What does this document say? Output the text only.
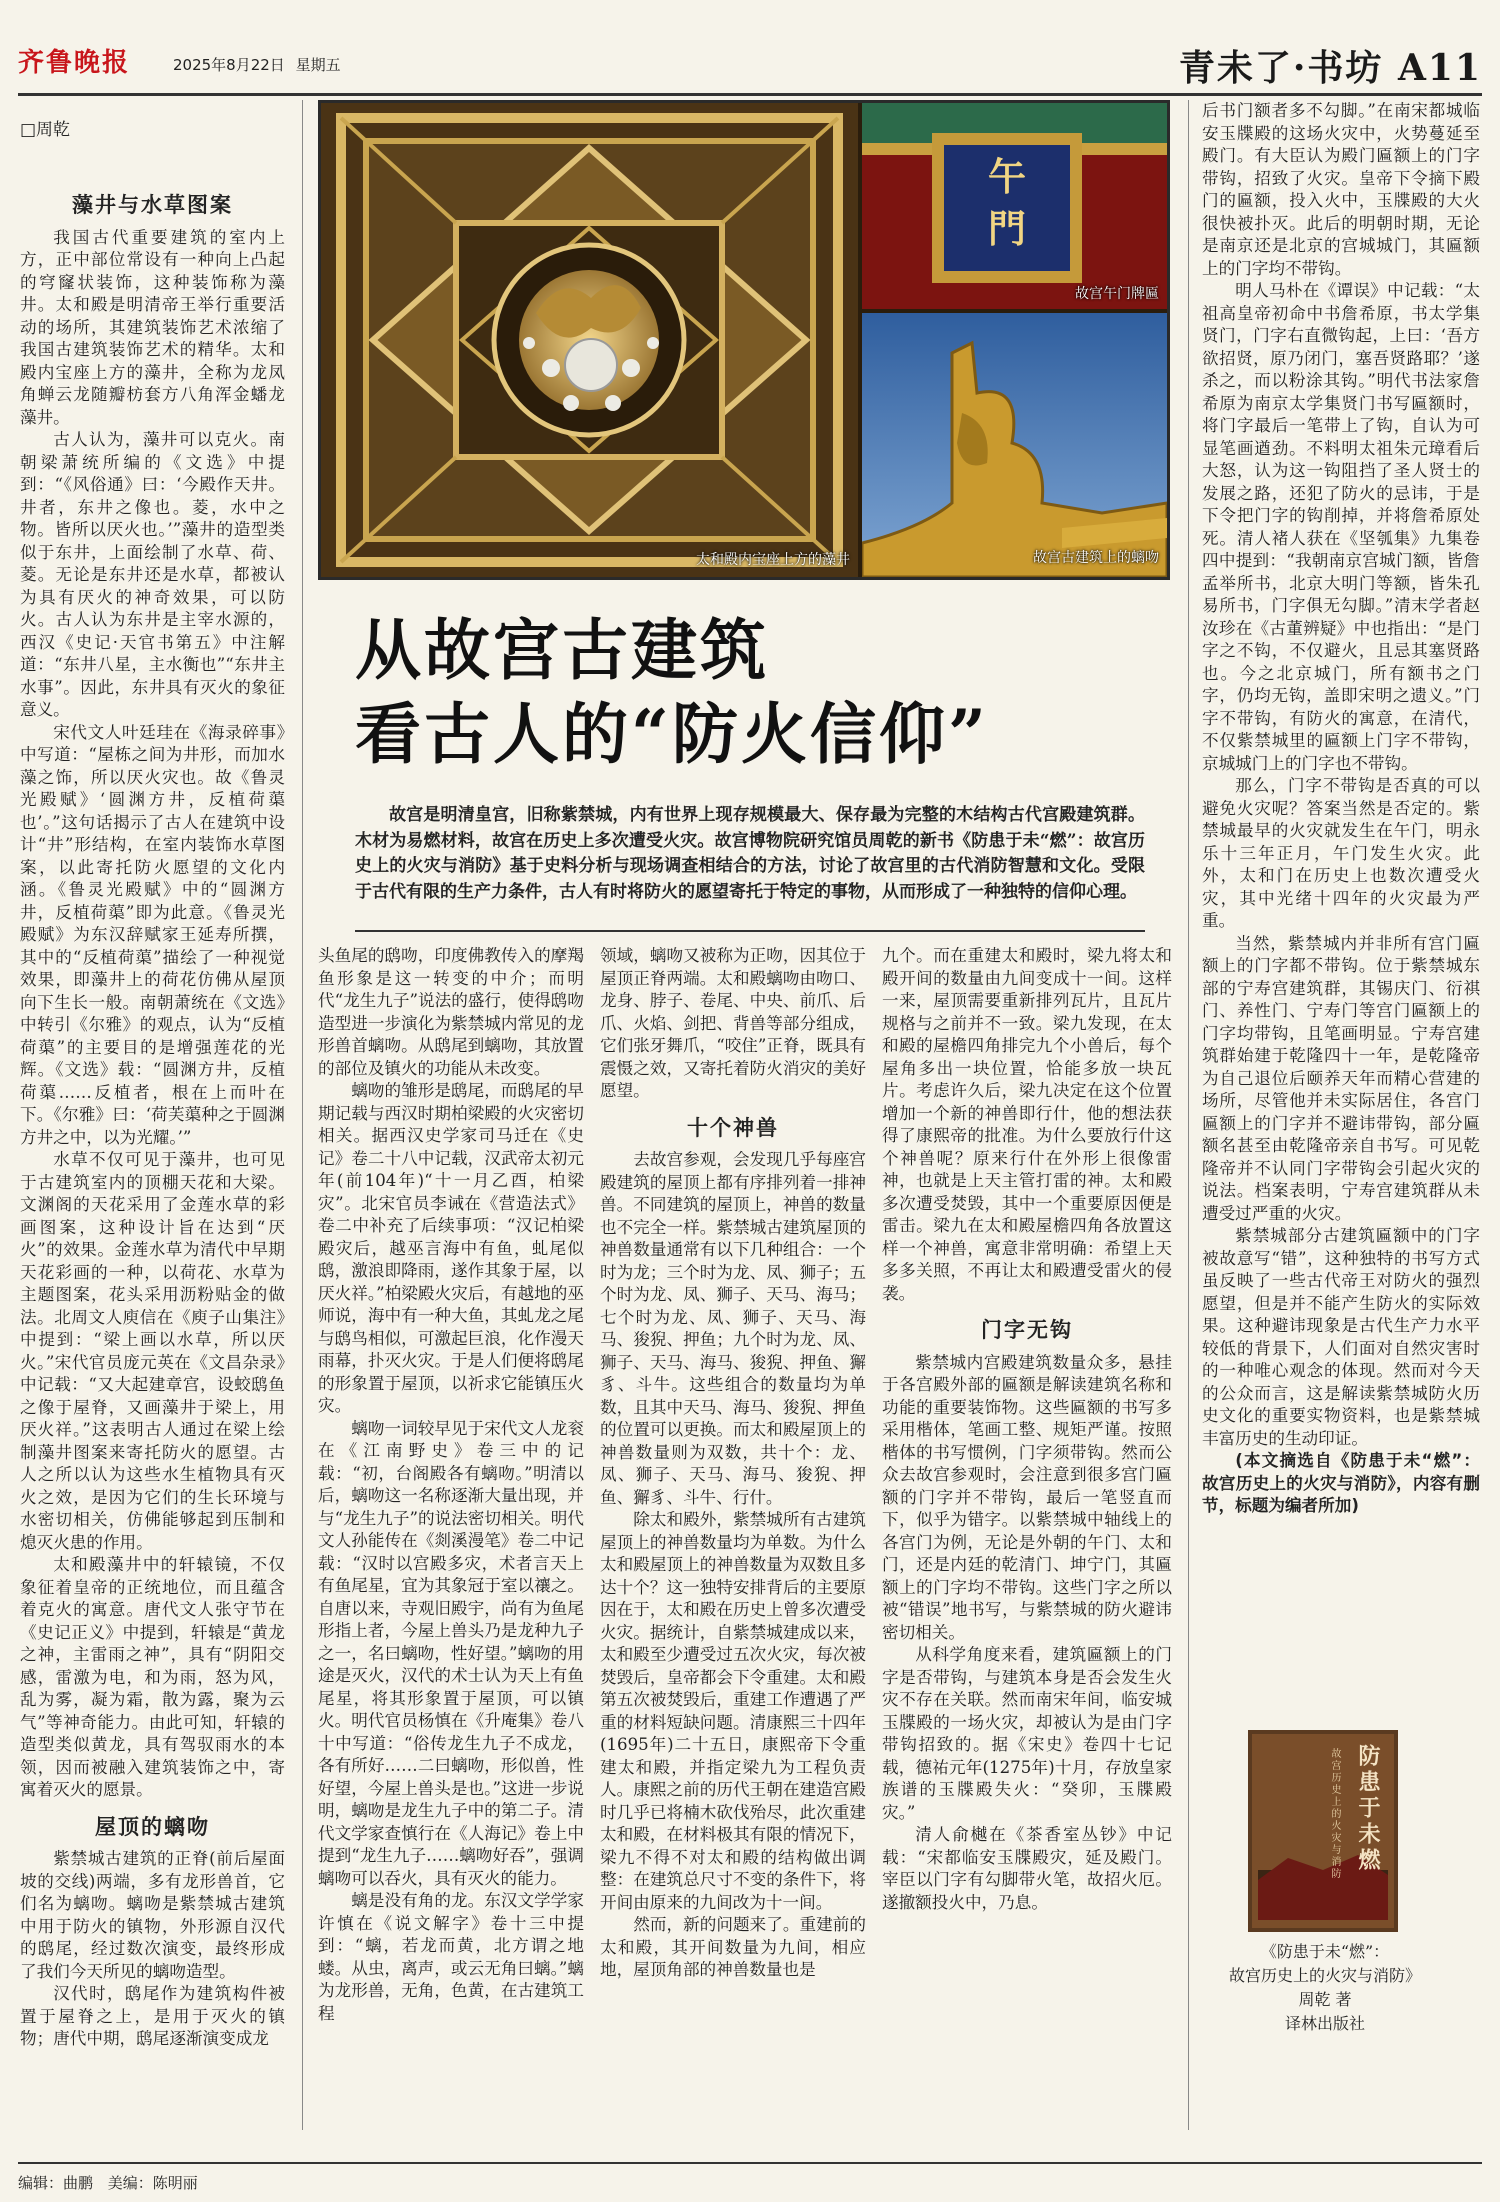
齐鲁晚报	2025年8月22日 星期五	青未了·书坊 A11
□周乾
藻井与水草图案

我国古代重要建筑的室内上方，正中部位常设有一种向上凸起的穹窿状装饰，这种装饰称为藻井。太和殿是明清帝王举行重要活动的场所，其建筑装饰艺术浓缩了我国古建筑装饰艺术的精华。太和殿内宝座上方的藻井，全称为龙凤角蝉云龙随瓣枋套方八角浑金蟠龙藻井。

古人认为，藻井可以克火。南朝梁萧统所编的《文选》中提到：“《风俗通》曰：‘今殿作天井。井者，东井之像也。菱，水中之物。皆所以厌火也。’”藻井的造型类似于东井，上面绘制了水草、荷、菱。无论是东井还是水草，都被认为具有厌火的神奇效果，可以防火。古人认为东井是主宰水源的，西汉《史记·天官书第五》中注解道：“东井八星，主水衡也”“东井主水事”。因此，东井具有灭火的象征意义。

宋代文人叶廷珪在《海录碎事》中写道：“屋栋之间为井形，而加水藻之饰，所以厌火灾也。故《鲁灵光殿赋》‘圆渊方井，反植荷蕖也’。”这句话揭示了古人在建筑中设计“井”形结构，在室内装饰水草图案，以此寄托防火愿望的文化内涵。《鲁灵光殿赋》中的“圆渊方井，反植荷蕖”即为此意。《鲁灵光殿赋》为东汉辞赋家王延寿所撰，其中的“反植荷蕖”描绘了一种视觉效果，即藻井上的荷花仿佛从屋顶向下生长一般。南朝萧统在《文选》中转引《尔雅》的观点，认为“反植荷蕖”的主要目的是增强莲花的光辉。《文选》载：“圆渊方井，反植荷蕖……反植者，根在上而叶在下。《尔雅》曰：‘荷芙蕖种之于圆渊方井之中，以为光耀。’”

水草不仅可见于藻井，也可见于古建筑室内的顶棚天花和大梁。文渊阁的天花采用了金莲水草的彩画图案，这种设计旨在达到“厌火”的效果。金莲水草为清代中早期天花彩画的一种，以荷花、水草为主题图案，花头采用沥粉贴金的做法。北周文人庾信在《庾子山集注》中提到：“梁上画以水草，所以厌火。”宋代官员庞元英在《文昌杂录》中记载：“又大起建章宫，设蛟鸱鱼之像于屋脊，又画藻井于梁上，用厌火祥。”这表明古人通过在梁上绘制藻井图案来寄托防火的愿望。古人之所以认为这些水生植物具有灭火之效，是因为它们的生长环境与水密切相关，仿佛能够起到压制和熄灭火患的作用。

太和殿藻井中的轩辕镜，不仅象征着皇帝的正统地位，而且蕴含着克火的寓意。唐代文人张守节在《史记正义》中提到，轩辕是“黄龙之神，主雷雨之神”，具有“阴阳交感，雷激为电，和为雨，怒为风，乱为雾，凝为霜，散为露，聚为云气”等神奇能力。由此可知，轩辕的造型类似黄龙，具有驾驭雨水的本领，因而被融入建筑装饰之中，寄寓着灭火的愿景。

屋顶的螭吻

紫禁城古建筑的正脊(前后屋面坡的交线)两端，多有龙形兽首，它们名为螭吻。螭吻是紫禁城古建筑中用于防火的镇物，外形源自汉代的鸱尾，经过数次演变，最终形成了我们今天所见的螭吻造型。

汉代时，鸱尾作为建筑构件被置于屋脊之上，是用于灭火的镇物；唐代中期，鸱尾逐渐演变成龙

太和殿内宝座上方的藻井
午
門
故宫午门牌匾
故宫古建筑上的螭吻
从故宫古建筑
看古人的“防火信仰”
故宫是明清皇宫，旧称紫禁城，内有世界上现存规模最大、保存最为完整的木结构古代宫殿建筑群。木材为易燃材料，故宫在历史上多次遭受火灾。故宫博物院研究馆员周乾的新书《防患于未“燃”：故宫历史上的火灾与消防》基于史料分析与现场调查相结合的方法，讨论了故宫里的古代消防智慧和文化。受限于古代有限的生产力条件，古人有时将防火的愿望寄托于特定的事物，从而形成了一种独特的信仰心理。

头鱼尾的鸱吻，印度佛教传入的摩羯鱼形象是这一转变的中介；而明代“龙生九子”说法的盛行，使得鸱吻造型进一步演化为紫禁城内常见的龙形兽首螭吻。从鸱尾到螭吻，其放置的部位及镇火的功能从未改变。

螭吻的雏形是鸱尾，而鸱尾的早期记载与西汉时期柏梁殿的火灾密切相关。据西汉史学家司马迁在《史记》卷二十八中记载，汉武帝太初元年(前104年)“十一月乙酉，柏梁灾”。北宋官员李诫在《营造法式》卷二中补充了后续事项：“汉记柏梁殿灾后，越巫言海中有鱼，虬尾似鸱，激浪即降雨，遂作其象于屋，以厌火祥。”柏梁殿火灾后，有越地的巫师说，海中有一种大鱼，其虬龙之尾与鸱鸟相似，可激起巨浪，化作漫天雨幕，扑灭火灾。于是人们便将鸱尾的形象置于屋顶，以祈求它能镇压火灾。

螭吻一词较早见于宋代文人龙衮在《江南野史》卷三中的记载：“初，台阁殿各有螭吻。”明清以后，螭吻这一名称逐渐大量出现，并与“龙生九子”的说法密切相关。明代文人孙能传在《剡溪漫笔》卷二中记载：“汉时以宫殿多灾，术者言天上有鱼尾星，宜为其象冠于室以禳之。自唐以来，寺观旧殿宇，尚有为鱼尾形指上者，今屋上兽头乃是龙种九子之一，名曰螭吻，性好望。”螭吻的用途是灭火，汉代的术士认为天上有鱼尾星，将其形象置于屋顶，可以镇火。明代官员杨慎在《升庵集》卷八十中写道：“俗传龙生九子不成龙，各有所好……二曰螭吻，形似兽，性好望，今屋上兽头是也。”这进一步说明，螭吻是龙生九子中的第二子。清代文学家查慎行在《人海记》卷上中提到“龙生九子……螭吻好吞”，强调螭吻可以吞火，具有灭火的能力。

螭是没有角的龙。东汉文学学家许慎在《说文解字》卷十三中提到：“螭，若龙而黄，北方谓之地蝼。从虫，离声，或云无角曰螭。”螭为龙形兽，无角，色黄，在古建筑工程

领域，螭吻又被称为正吻，因其位于屋顶正脊两端。太和殿螭吻由吻口、龙身、脖子、卷尾、中央、前爪、后爪、火焰、剑把、背兽等部分组成，它们张牙舞爪，“咬住”正脊，既具有震慑之效，又寄托着防火消灾的美好愿望。

十个神兽

去故宫参观，会发现几乎每座宫殿建筑的屋顶上都有序排列着一排神兽。不同建筑的屋顶上，神兽的数量也不完全一样。紫禁城古建筑屋顶的神兽数量通常有以下几种组合：一个时为龙；三个时为龙、凤、狮子；五个时为龙、凤、狮子、天马、海马；七个时为龙、凤、狮子、天马、海马、狻猊、押鱼；九个时为龙、凤、狮子、天马、海马、狻猊、押鱼、獬豸、斗牛。这些组合的数量均为单数，且其中天马、海马、狻猊、押鱼的位置可以更换。而太和殿屋顶上的神兽数量则为双数，共十个：龙、凤、狮子、天马、海马、狻猊、押鱼、獬豸、斗牛、行什。

除太和殿外，紫禁城所有古建筑屋顶上的神兽数量均为单数。为什么太和殿屋顶上的神兽数量为双数且多达十个？这一独特安排背后的主要原因在于，太和殿在历史上曾多次遭受火灾。据统计，自紫禁城建成以来，太和殿至少遭受过五次火灾，每次被焚毁后，皇帝都会下令重建。太和殿第五次被焚毁后，重建工作遭遇了严重的材料短缺问题。清康熙三十四年(1695年)二十五日，康熙帝下令重建太和殿，并指定梁九为工程负责人。康熙之前的历代王朝在建造宫殿时几乎已将楠木砍伐殆尽，此次重建太和殿，在材料极其有限的情况下，梁九不得不对太和殿的结构做出调整：在建筑总尺寸不变的条件下，将开间由原来的九间改为十一间。

然而，新的问题来了。重建前的太和殿，其开间数量为九间，相应地，屋顶角部的神兽数量也是

九个。而在重建太和殿时，梁九将太和殿开间的数量由九间变成十一间。这样一来，屋顶需要重新排列瓦片，且瓦片规格与之前并不一致。梁九发现，在太和殿的屋檐四角排完九个小兽后，每个屋角多出一块位置，恰能多放一块瓦片。考虑许久后，梁九决定在这个位置增加一个新的神兽即行什，他的想法获得了康熙帝的批准。为什么要放行什这个神兽呢？原来行什在外形上很像雷神，也就是上天主管打雷的神。太和殿多次遭受焚毁，其中一个重要原因便是雷击。梁九在太和殿屋檐四角各放置这样一个神兽，寓意非常明确：希望上天多多关照，不再让太和殿遭受雷火的侵袭。

门字无钩

紫禁城内宫殿建筑数量众多，悬挂于各宫殿外部的匾额是解读建筑名称和功能的重要装饰物。这些匾额的书写多采用楷体，笔画工整、规矩严谨。按照楷体的书写惯例，门字须带钩。然而公众去故宫参观时，会注意到很多宫门匾额的门字并不带钩，最后一笔竖直而下，似乎为错字。以紫禁城中轴线上的各宫门为例，无论是外朝的午门、太和门，还是内廷的乾清门、坤宁门，其匾额上的门字均不带钩。这些门字之所以被“错误”地书写，与紫禁城的防火避讳密切相关。

从科学角度来看，建筑匾额上的门字是否带钩，与建筑本身是否会发生火灾不存在关联。然而南宋年间，临安城玉牒殿的一场火灾，却被认为是由门字带钩招致的。据《宋史》卷四十七记载，德祐元年(1275年)十月，存放皇家族谱的玉牒殿失火：“癸卯，玉牒殿灾。”

清人俞樾在《茶香室丛钞》中记载：“宋都临安玉牒殿灾，延及殿门。宰臣以门字有勾脚带火笔，故招火厄。遂撤额投火中，乃息。

后书门额者多不勾脚。”在南宋都城临安玉牒殿的这场火灾中，火势蔓延至殿门。有大臣认为殿门匾额上的门字带钩，招致了火灾。皇帝下令摘下殿门的匾额，投入火中，玉牒殿的大火很快被扑灭。此后的明朝时期，无论是南京还是北京的宫城城门，其匾额上的门字均不带钩。

明人马朴在《谭误》中记载：“太祖高皇帝初命中书詹希原，书太学集贤门，门字右直微钩起，上曰：‘吾方欲招贤，原乃闭门，塞吾贤路耶？’遂杀之，而以粉涂其钩。”明代书法家詹希原为南京太学集贤门书写匾额时，将门字最后一笔带上了钩，自认为可显笔画遒劲。不料明太祖朱元璋看后大怒，认为这一钩阻挡了圣人贤士的发展之路，还犯了防火的忌讳，于是下令把门字的钩削掉，并将詹希原处死。清人褚人获在《坚瓠集》九集卷四中提到：“我朝南京宫城门额，皆詹孟举所书，北京大明门等额，皆朱孔易所书，门字俱无勾脚。”清末学者赵汝珍在《古董辨疑》中也指出：“是门字之不钩，不仅避火，且忌其塞贤路也。今之北京城门，所有额书之门字，仍均无钩，盖即宋明之遗义。”门字不带钩，有防火的寓意，在清代，不仅紫禁城里的匾额上门字不带钩，京城城门上的门字也不带钩。

那么，门字不带钩是否真的可以避免火灾呢？答案当然是否定的。紫禁城最早的火灾就发生在午门，明永乐十三年正月，午门发生火灾。此外，太和门在历史上也数次遭受火灾，其中光绪十四年的火灾最为严重。

当然，紫禁城内并非所有宫门匾额上的门字都不带钩。位于紫禁城东部的宁寿宫建筑群，其锡庆门、衍祺门、养性门、宁寿门等宫门匾额上的门字均带钩，且笔画明显。宁寿宫建筑群始建于乾隆四十一年，是乾隆帝为自己退位后颐养天年而精心营建的场所，尽管他并未实际居住，各宫门匾额上的门字并不避讳带钩，部分匾额名甚至由乾隆帝亲自书写。可见乾隆帝并不认同门字带钩会引起火灾的说法。档案表明，宁寿宫建筑群从未遭受过严重的火灾。

紫禁城部分古建筑匾额中的门字被故意写“错”，这种独特的书写方式虽反映了一些古代帝王对防火的强烈愿望，但是并不能产生防火的实际效果。这种避讳现象是古代生产力水平较低的背景下，人们面对自然灾害时的一种唯心观念的体现。然而对今天的公众而言，这是解读紫禁城防火历史文化的重要实物资料，也是紫禁城丰富历史的生动印证。

(本文摘选自《防患于未“燃”：故宫历史上的火灾与消防》，内容有删节，标题为编者所加)

防患于未燃
故宫历史上的火灾与消防
《防患于未“燃”：
故宫历史上的火灾与消防》
周乾 著
译林出版社
编辑：曲鹏 美编：陈明丽
